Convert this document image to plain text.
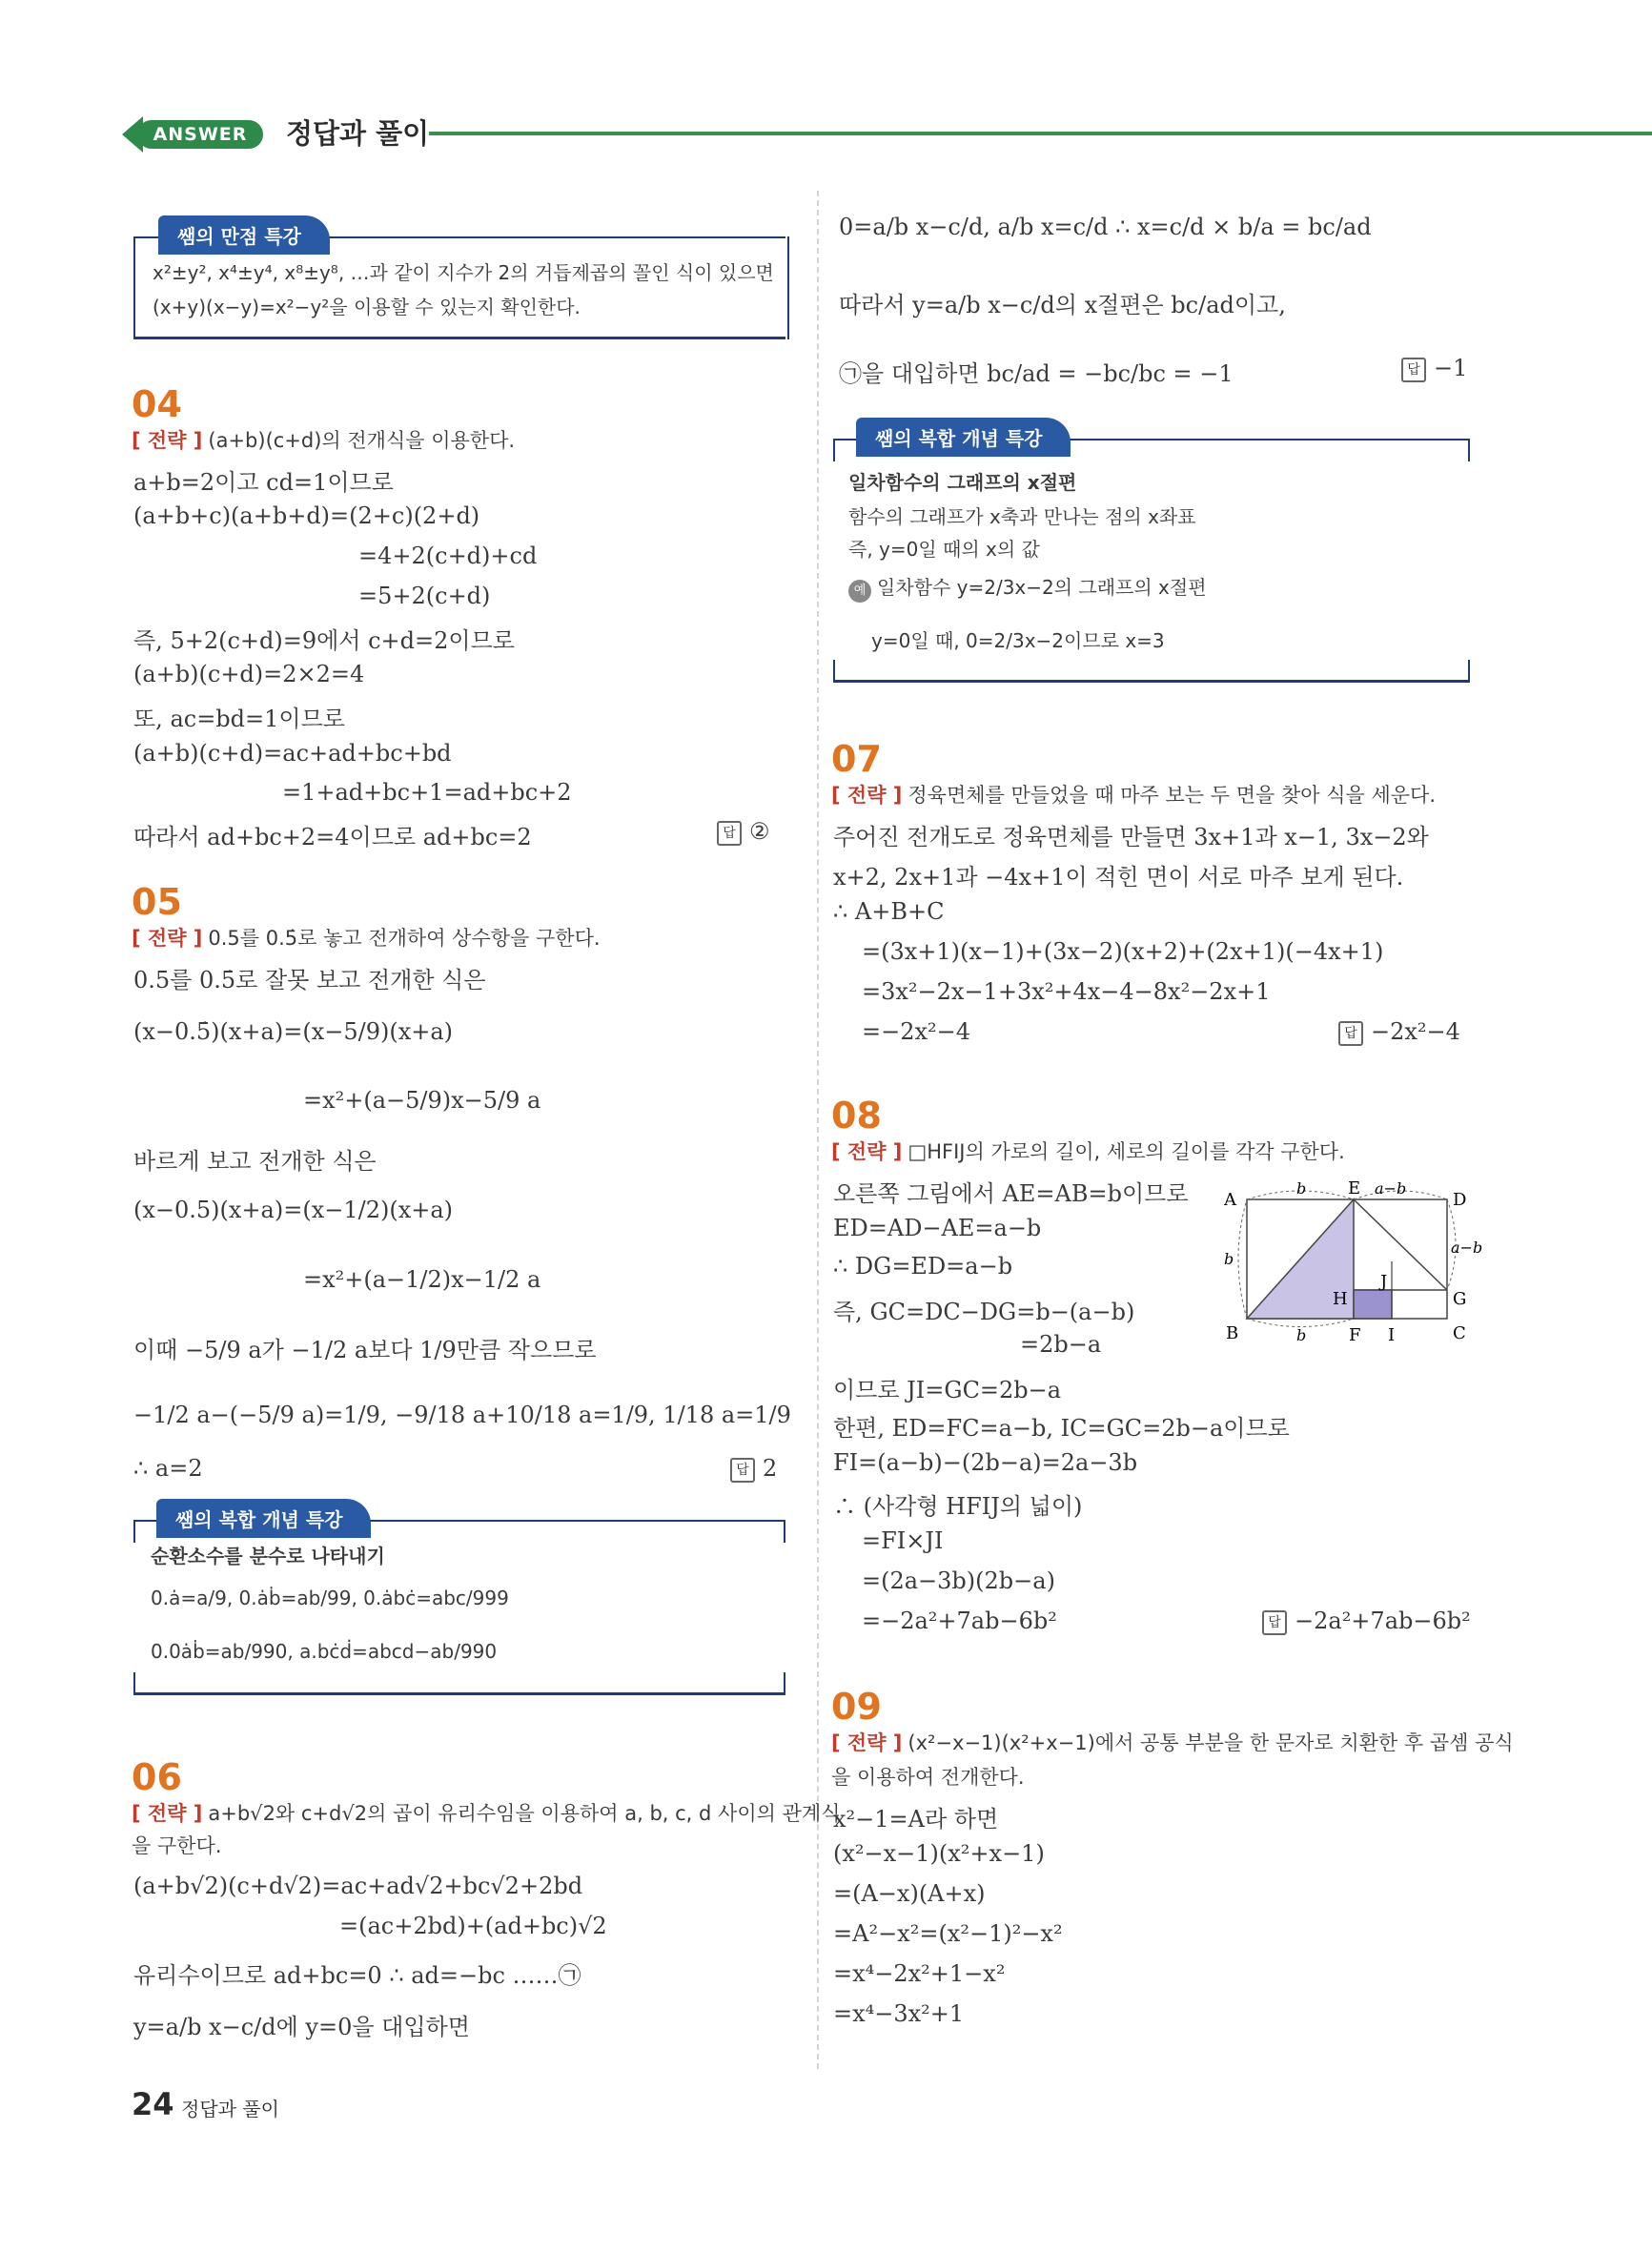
ANSWER	정답과 풀이
쌤의 만점 특강
x²±y², x⁴±y⁴, x⁸±y⁸, …과 같이 지수가 2의 거듭제곱의 꼴인 식이 있으면
(x+y)(x−y)=x²−y²을 이용할 수 있는지 확인한다.
04
[ 전략 ] (a+b)(c+d)의 전개식을 이용한다.
a+b=2이고 cd=1이므로
(a+b+c)(a+b+d)=(2+c)(2+d)
=4+2(c+d)+cd
=5+2(c+d)
즉, 5+2(c+d)=9에서 c+d=2이므로
(a+b)(c+d)=2×2=4
또, ac=bd=1이므로
(a+b)(c+d)=ac+ad+bc+bd
=1+ad+bc+1=ad+bc+2
따라서 ad+bc+2=4이므로 ad+bc=2	답 ②
05
[ 전략 ] 0.5를 0.5̇로 놓고 전개하여 상수항을 구한다.
0.5를 0.5̇로 잘못 보고 전개한 식은
(x−0.5̇)(x+a)=(x−5/9)(x+a)
=x²+(a−5/9)x−5/9 a
바르게 보고 전개한 식은
(x−0.5)(x+a)=(x−1/2)(x+a)
=x²+(a−1/2)x−1/2 a
이때 −5/9 a가 −1/2 a보다 1/9만큼 작으므로
−1/2 a−(−5/9 a)=1/9, −9/18 a+10/18 a=1/9, 1/18 a=1/9
∴ a=2	답 2
쌤의 복합 개념 특강
순환소수를 분수로 나타내기
0.ȧ=a/9, 0.ȧḃ=ab/99, 0.ȧbċ=abc/999
0.0ȧḃ=ab/990, a.bċḋ=abcd−ab/990
06
[ 전략 ] a+b√2와 c+d√2의 곱이 유리수임을 이용하여 a, b, c, d 사이의 관계식
을 구한다.
(a+b√2)(c+d√2)=ac+ad√2+bc√2+2bd
=(ac+2bd)+(ad+bc)√2
유리수이므로 ad+bc=0 ∴ ad=−bc ……㉠
y=a/b x−c/d에 y=0을 대입하면
24 정답과 풀이
0=a/b x−c/d, a/b x=c/d ∴ x=c/d × b/a = bc/ad
따라서 y=a/b x−c/d의 x절편은 bc/ad이고,
㉠을 대입하면 bc/ad = −bc/bc = −1	답 −1
쌤의 복합 개념 특강
일차함수의 그래프의 x절편
함수의 그래프가 x축과 만나는 점의 x좌표
즉, y=0일 때의 x의 값
예 일차함수 y=2/3x−2의 그래프의 x절편
y=0일 때, 0=2/3x−2이므로 x=3
07
[ 전략 ] 정육면체를 만들었을 때 마주 보는 두 면을 찾아 식을 세운다.
주어진 전개도로 정육면체를 만들면 3x+1과 x−1, 3x−2와
x+2, 2x+1과 −4x+1이 적힌 면이 서로 마주 보게 된다.
∴ A+B+C
=(3x+1)(x−1)+(3x−2)(x+2)+(2x+1)(−4x+1)
=3x²−2x−1+3x²+4x−4−8x²−2x+1
=−2x²−4	답 −2x²−4
08
[ 전략 ] □HFIJ의 가로의 길이, 세로의 길이를 각각 구한다.
오른쪽 그림에서 AE=AB=b이므로
ED=AD−AE=a−b
∴ DG=ED=a−b
즉, GC=DC−DG=b−(a−b)
=2b−a
이므로 JI=GC=2b−a
한편, ED=FC=a−b, IC=GC=2b−a이므로
FI=(a−b)−(2b−a)=2a−3b
∴ (사각형 HFIJ의 넓이)
=FI×JI
=(2a−3b)(2b−a)
=−2a²+7ab−6b²	답 −2a²+7ab−6b²
A
E
D
B	F I	C
H
J
G
b	a−b
a−b
b
b
09
[ 전략 ] (x²−x−1)(x²+x−1)에서 공통 부분을 한 문자로 치환한 후 곱셈 공식
을 이용하여 전개한다.
x²−1=A라 하면
(x²−x−1)(x²+x−1)
=(A−x)(A+x)
=A²−x²=(x²−1)²−x²
=x⁴−2x²+1−x²
=x⁴−3x²+1
